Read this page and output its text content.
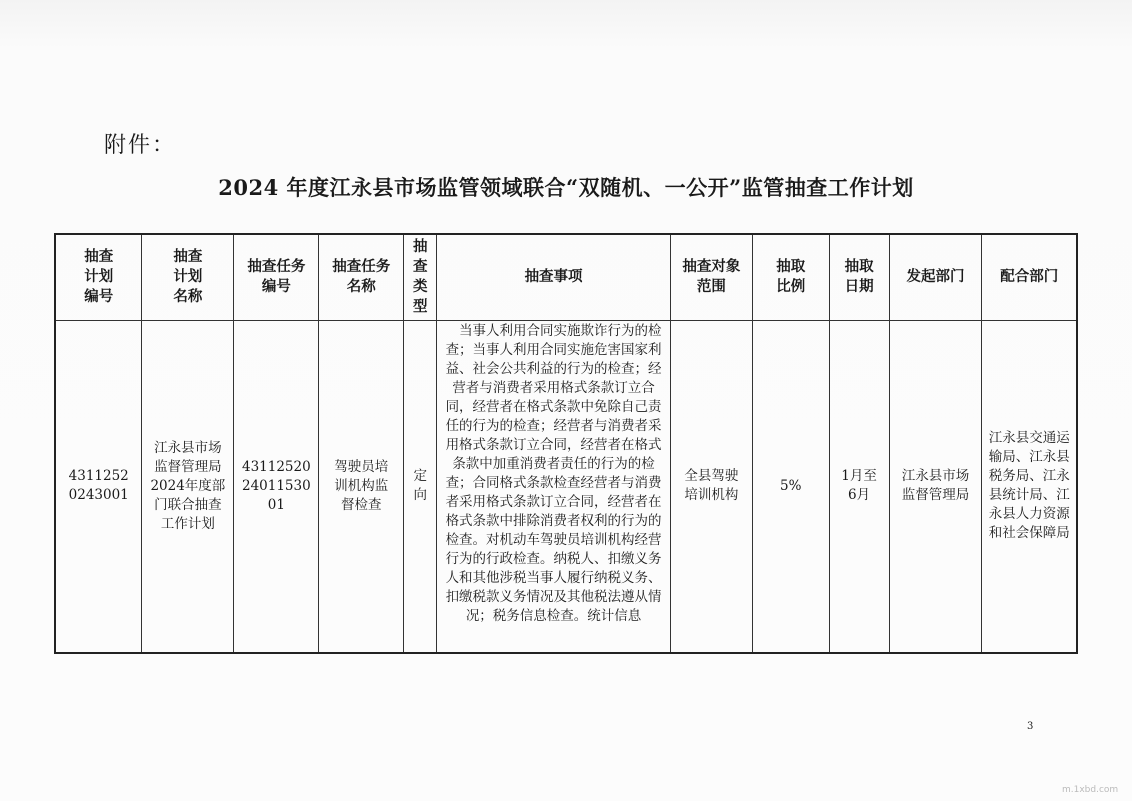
附件：
2024 年度江永县市场监管领域联合“双随机、一公开”监管抽查工作计划
抽查计划编号	抽查计划名称	抽查任务编号	抽查任务名称	抽查类型	抽查事项	抽查对象范围	抽取比例	抽取日期	发起部门	配合部门
43112520243001	江永县市场监督管理局2024年度部门联合抽查工作计划	431125202401153001	驾驶员培训机构监督检查	定向	当事人利用合同实施欺诈行为的检查；当事人利用合同实施危害国家利益、社会公共利益的行为的检查；经营者与消费者采用格式条款订立合同，经营者在格式条款中免除自己责任的行为的检查；经营者与消费者采用格式条款订立合同，经营者在格式条款中加重消费者责任的行为的检查；合同格式条款检查经营者与消费者采用格式条款订立合同，经营者在格式条款中排除消费者权利的行为的检查。对机动车驾驶员培训机构经营行为的行政检查。纳税人、扣缴义务人和其他涉税当事人履行纳税义务、扣缴税款义务情况及其他税法遵从情况；税务信息检查。统计信息	全县驾驶培训机构	5%	1月至6月	江永县市场监督管理局	江永县交通运输局、江永县税务局、江永县统计局、江永县人力资源和社会保障局
3
m.1xbd.com
